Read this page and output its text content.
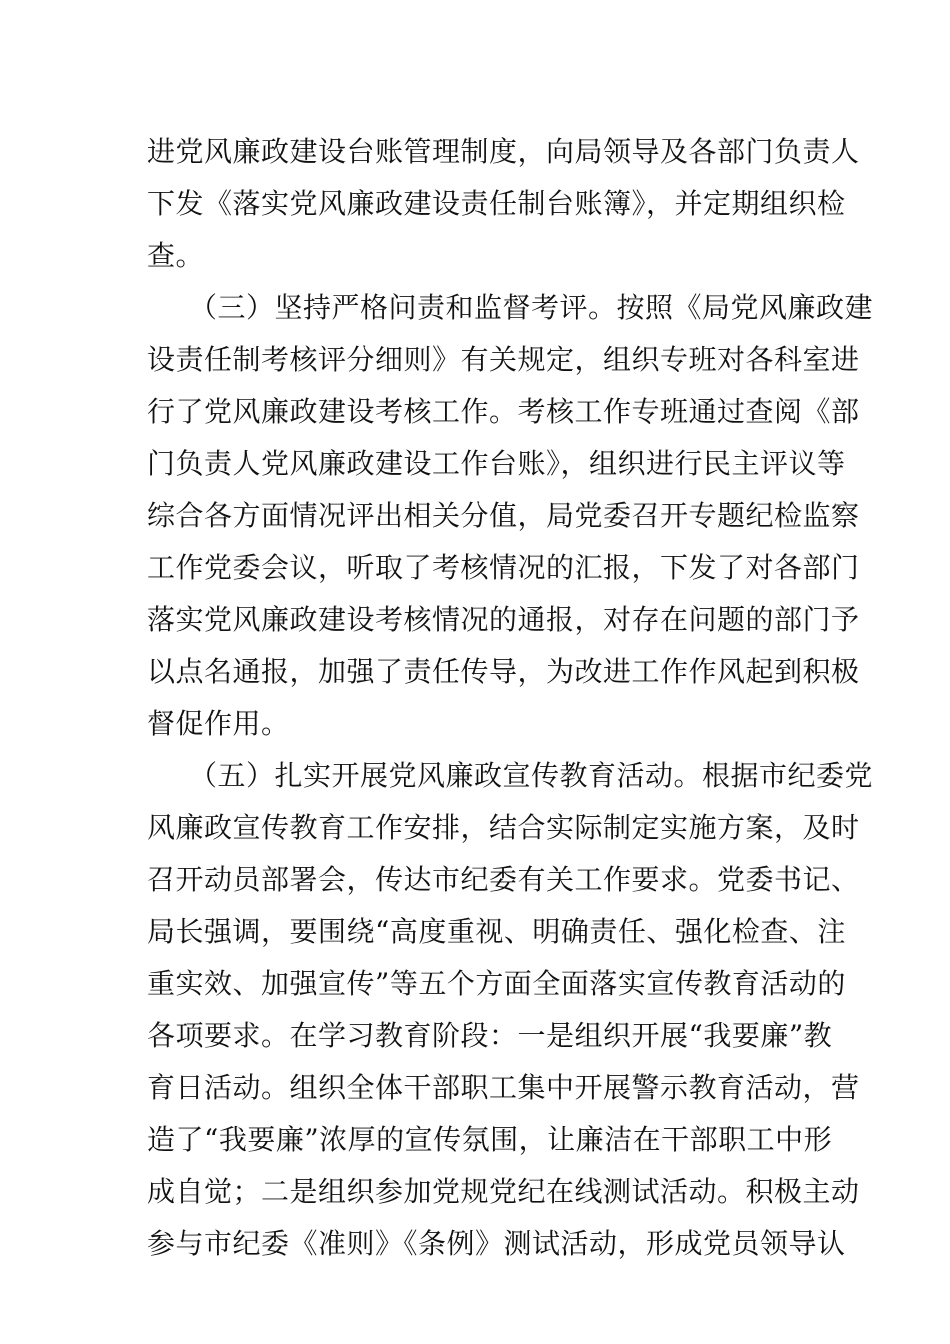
进党风廉政建设台账管理制度，向局领导及各部门负责人
下发《落实党风廉政建设责任制台账簿》，并定期组织检
查。
（三）坚持严格问责和监督考评。按照《局党风廉政建
设责任制考核评分细则》有关规定，组织专班对各科室进
行了党风廉政建设考核工作。考核工作专班通过查阅《部
门负责人党风廉政建设工作台账》，组织进行民主评议等
综合各方面情况评出相关分值，局党委召开专题纪检监察
工作党委会议，听取了考核情况的汇报，下发了对各部门
落实党风廉政建设考核情况的通报，对存在问题的部门予
以点名通报，加强了责任传导，为改进工作作风起到积极
督促作用。
（五）扎实开展党风廉政宣传教育活动。根据市纪委党
风廉政宣传教育工作安排，结合实际制定实施方案，及时
召开动员部署会，传达市纪委有关工作要求。党委书记、
局长强调，要围绕“高度重视、明确责任、强化检查、注
重实效、加强宣传”等五个方面全面落实宣传教育活动的
各项要求。在学习教育阶段：一是组织开展“我要廉”教
育日活动。组织全体干部职工集中开展警示教育活动，营
造了“我要廉”浓厚的宣传氛围，让廉洁在干部职工中形
成自觉；二是组织参加党规党纪在线测试活动。积极主动
参与市纪委《准则》《条例》测试活动，形成党员领导认
